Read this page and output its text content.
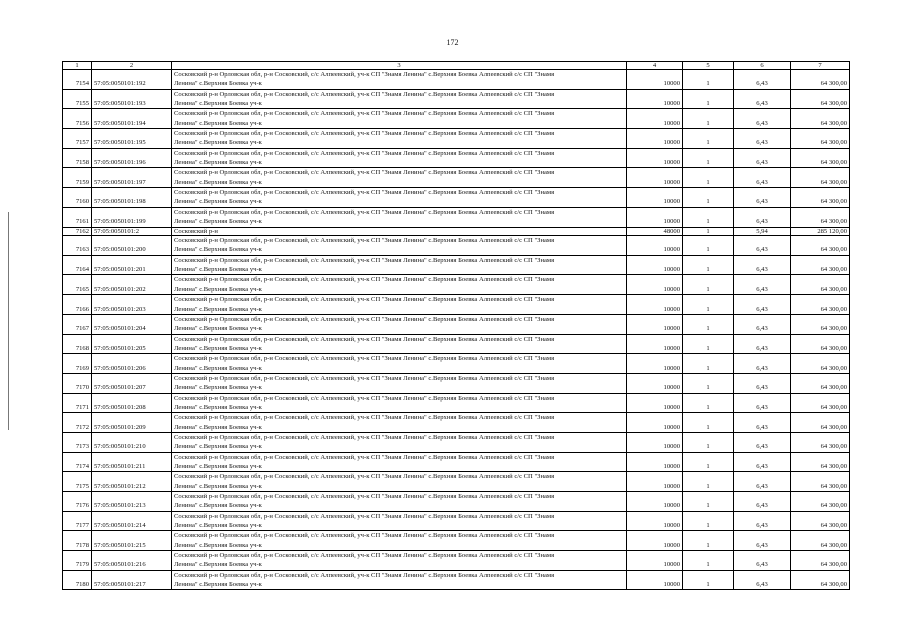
172
1	2	3	4	5	6	7
7154	57:05:0050101:192	Сосковский р-н Орловская обл, р-н Сосковский, с/с Алпеевский, уч-к СП "Знамя Ленина" с.Верхняя Боевка Алпеевский с/с СП "Знамя
Ленина" с.Верхняя Боевка уч-к	10000	1	6,43	64 300,00
7155	57:05:0050101:193	Сосковский р-н Орловская обл, р-н Сосковский, с/с Алпеевский, уч-к СП "Знамя Ленина" с.Верхняя Боевка Алпеевский с/с СП "Знамя
Ленина" с.Верхняя Боевка уч-к	10000	1	6,43	64 300,00
7156	57:05:0050101:194	Сосковский р-н Орловская обл, р-н Сосковский, с/с Алпеевский, уч-к СП "Знамя Ленина" с.Верхняя Боевка Алпеевский с/с СП "Знамя
Ленина" с.Верхняя Боевка уч-к	10000	1	6,43	64 300,00
7157	57:05:0050101:195	Сосковский р-н Орловская обл, р-н Сосковский, с/с Алпеевский, уч-к СП "Знамя Ленина" с.Верхняя Боевка Алпеевский с/с СП "Знамя
Ленина" с.Верхняя Боевка уч-к	10000	1	6,43	64 300,00
7158	57:05:0050101:196	Сосковский р-н Орловская обл, р-н Сосковский, с/с Алпеевский, уч-к СП "Знамя Ленина" с.Верхняя Боевка Алпеевский с/с СП "Знамя
Ленина" с.Верхняя Боевка уч-к	10000	1	6,43	64 300,00
7159	57:05:0050101:197	Сосковский р-н Орловская обл, р-н Сосковский, с/с Алпеевский, уч-к СП "Знамя Ленина" с.Верхняя Боевка Алпеевский с/с СП "Знамя
Ленина" с.Верхняя Боевка уч-к	10000	1	6,43	64 300,00
7160	57:05:0050101:198	Сосковский р-н Орловская обл, р-н Сосковский, с/с Алпеевский, уч-к СП "Знамя Ленина" с.Верхняя Боевка Алпеевский с/с СП "Знамя
Ленина" с.Верхняя Боевка уч-к	10000	1	6,43	64 300,00
7161	57:05:0050101:199	Сосковский р-н Орловская обл, р-н Сосковский, с/с Алпеевский, уч-к СП "Знамя Ленина" с.Верхняя Боевка Алпеевский с/с СП "Знамя
Ленина" с.Верхняя Боевка уч-к	10000	1	6,43	64 300,00
7162	57:05:0050101:2	Сосковский р-н	48000	1	5,94	285 120,00
7163	57:05:0050101:200	Сосковский р-н Орловская обл, р-н Сосковский, с/с Алпеевский, уч-к СП "Знамя Ленина" с.Верхняя Боевка Алпеевский с/с СП "Знамя
Ленина" с.Верхняя Боевка уч-к	10000	1	6,43	64 300,00
7164	57:05:0050101:201	Сосковский р-н Орловская обл, р-н Сосковский, с/с Алпеевский, уч-к СП "Знамя Ленина" с.Верхняя Боевка Алпеевский с/с СП "Знамя
Ленина" с.Верхняя Боевка уч-к	10000	1	6,43	64 300,00
7165	57:05:0050101:202	Сосковский р-н Орловская обл, р-н Сосковский, с/с Алпеевский, уч-к СП "Знамя Ленина" с.Верхняя Боевка Алпеевский с/с СП "Знамя
Ленина" с.Верхняя Боевка уч-к	10000	1	6,43	64 300,00
7166	57:05:0050101:203	Сосковский р-н Орловская обл, р-н Сосковский, с/с Алпеевский, уч-к СП "Знамя Ленина" с.Верхняя Боевка Алпеевский с/с СП "Знамя
Ленина" с.Верхняя Боевка уч-к	10000	1	6,43	64 300,00
7167	57:05:0050101:204	Сосковский р-н Орловская обл, р-н Сосковский, с/с Алпеевский, уч-к СП "Знамя Ленина" с.Верхняя Боевка Алпеевский с/с СП "Знамя
Ленина" с.Верхняя Боевка уч-к	10000	1	6,43	64 300,00
7168	57:05:0050101:205	Сосковский р-н Орловская обл, р-н Сосковский, с/с Алпеевский, уч-к СП "Знамя Ленина" с.Верхняя Боевка Алпеевский с/с СП "Знамя
Ленина" с.Верхняя Боевка уч-к	10000	1	6,43	64 300,00
7169	57:05:0050101:206	Сосковский р-н Орловская обл, р-н Сосковский, с/с Алпеевский, уч-к СП "Знамя Ленина" с.Верхняя Боевка Алпеевский с/с СП "Знамя
Ленина" с.Верхняя Боевка уч-к	10000	1	6,43	64 300,00
7170	57:05:0050101:207	Сосковский р-н Орловская обл, р-н Сосковский, с/с Алпеевский, уч-к СП "Знамя Ленина" с.Верхняя Боевка Алпеевский с/с СП "Знамя
Ленина" с.Верхняя Боевка уч-к	10000	1	6,43	64 300,00
7171	57:05:0050101:208	Сосковский р-н Орловская обл, р-н Сосковский, с/с Алпеевский, уч-к СП "Знамя Ленина" с.Верхняя Боевка Алпеевский с/с СП "Знамя
Ленина" с.Верхняя Боевка уч-к	10000	1	6,43	64 300,00
7172	57:05:0050101:209	Сосковский р-н Орловская обл, р-н Сосковский, с/с Алпеевский, уч-к СП "Знамя Ленина" с.Верхняя Боевка Алпеевский с/с СП "Знамя
Ленина" с.Верхняя Боевка уч-к	10000	1	6,43	64 300,00
7173	57:05:0050101:210	Сосковский р-н Орловская обл, р-н Сосковский, с/с Алпеевский, уч-к СП "Знамя Ленина" с.Верхняя Боевка Алпеевский с/с СП "Знамя
Ленина" с.Верхняя Боевка уч-к	10000	1	6,43	64 300,00
7174	57:05:0050101:211	Сосковский р-н Орловская обл, р-н Сосковский, с/с Алпеевский, уч-к СП "Знамя Ленина" с.Верхняя Боевка Алпеевский с/с СП "Знамя
Ленина" с.Верхняя Боевка уч-к	10000	1	6,43	64 300,00
7175	57:05:0050101:212	Сосковский р-н Орловская обл, р-н Сосковский, с/с Алпеевский, уч-к СП "Знамя Ленина" с.Верхняя Боевка Алпеевский с/с СП "Знамя
Ленина" с.Верхняя Боевка уч-к	10000	1	6,43	64 300,00
7176	57:05:0050101:213	Сосковский р-н Орловская обл, р-н Сосковский, с/с Алпеевский, уч-к СП "Знамя Ленина" с.Верхняя Боевка Алпеевский с/с СП "Знамя
Ленина" с.Верхняя Боевка уч-к	10000	1	6,43	64 300,00
7177	57:05:0050101:214	Сосковский р-н Орловская обл, р-н Сосковский, с/с Алпеевский, уч-к СП "Знамя Ленина" с.Верхняя Боевка Алпеевский с/с СП "Знамя
Ленина" с.Верхняя Боевка уч-к	10000	1	6,43	64 300,00
7178	57:05:0050101:215	Сосковский р-н Орловская обл, р-н Сосковский, с/с Алпеевский, уч-к СП "Знамя Ленина" с.Верхняя Боевка Алпеевский с/с СП "Знамя
Ленина" с.Верхняя Боевка уч-к	10000	1	6,43	64 300,00
7179	57:05:0050101:216	Сосковский р-н Орловская обл, р-н Сосковский, с/с Алпеевский, уч-к СП "Знамя Ленина" с.Верхняя Боевка Алпеевский с/с СП "Знамя
Ленина" с.Верхняя Боевка уч-к	10000	1	6,43	64 300,00
7180	57:05:0050101:217	Сосковский р-н Орловская обл, р-н Сосковский, с/с Алпеевский, уч-к СП "Знамя Ленина" с.Верхняя Боевка Алпеевский с/с СП "Знамя
Ленина" с.Верхняя Боевка уч-к	10000	1	6,43	64 300,00
